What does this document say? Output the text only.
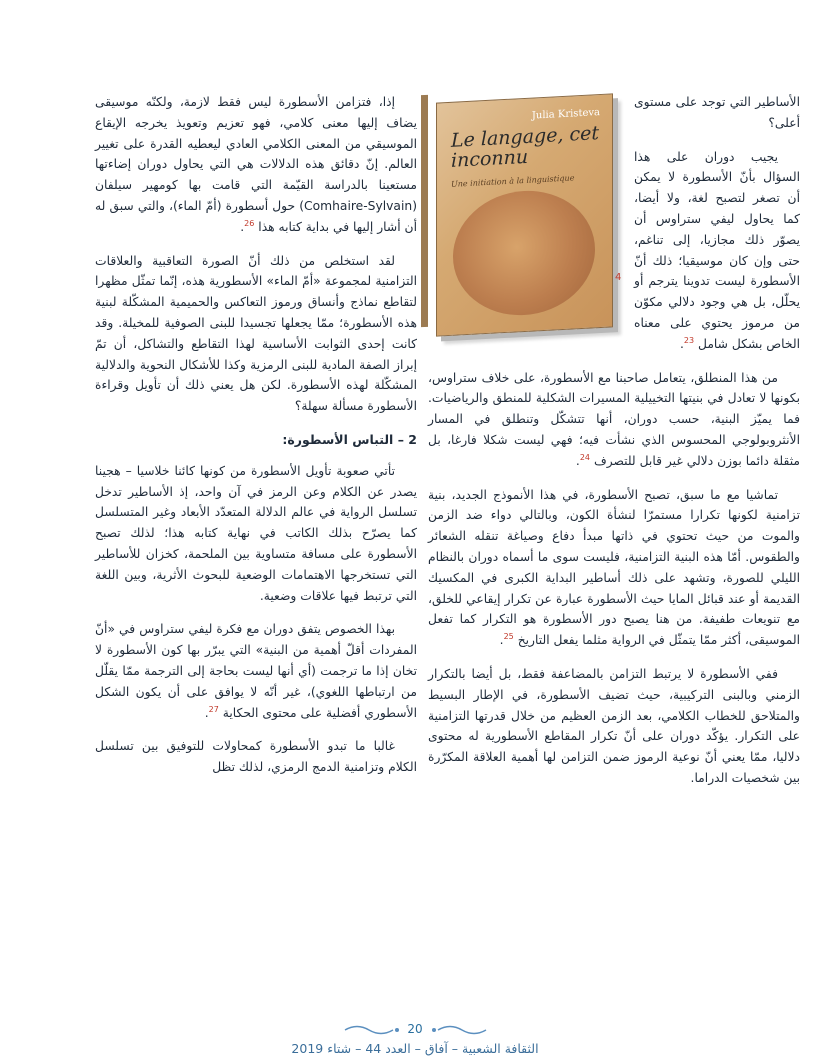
Julia Kristeva
Le langage, cet inconnu
Une initiation à la linguistique
4

الأساطير التي توجد على مستوى أعلى؟

يجيب دوران على هذا السؤال بأنّ الأسطورة لا يمكن أن تصغر لتصبح لغة، ولا أيضا، كما يحاول ليفي ستراوس أن يصوّر ذلك مجازيا، إلى تناغم، حتى وإن كان موسيقيا؛ ذلك أنّ الأسطورة ليست تدوينا يترجم أو يحلّل، بل هي وجود دلالي مكوّن من مرموز يحتوي على معناه الخاص بشكل شامل $^{23}$.

من هذا المنطلق، يتعامل صاحبنا مع الأسطورة، على خلاف ستراوس، بكونها لا تعادل في بنيتها التخييلية المسيرات الشكلية للمنطق والرياضيات. فما يميّز البنية، حسب دوران، أنها تتشكّل وتنطلق في المسار الأنثروبولوجي المحسوس الذي نشأت فيه؛ فهي ليست شكلا فارغا، بل مثقلة دائما بوزن دلالي غير قابل للتصرف $^{24}$.

تماشيا مع ما سبق، تصبح الأسطورة، في هذا الأنموذج الجديد، بنية تزامنية لكونها تكرارا مستمرّا لنشأة الكون، وبالتالي دواء ضد الزمن والموت من حيث تحتوي في ذاتها مبدأ دفاع وصياغة تنقله الشعائر والطقوس. أمّا هذه البنية التزامنية، فليست سوى ما أسماه دوران بالنظام الليلي للصورة، وتشهد على ذلك أساطير البداية الكبرى في المكسيك القديمة أو عند قبائل المايا حيث الأسطورة عبارة عن تكرار إيقاعي للخلق، مع تنويعات طفيفة. من هنا يصبح دور الأسطورة هو التكرار كما تفعل الموسيقى، أكثر ممّا يتمثّل في الرواية مثلما يفعل التاريخ $^{25}$.

ففي الأسطورة لا يرتبط التزامن بالمضاعفة فقط، بل أيضا بالتكرار الزمني وبالبنى التركيبية، حيث تضيف الأسطورة، في الإطار البسيط والمتلاحق للخطاب الكلامي، بعد الزمن العظيم من خلال قدرتها التزامنية على التكرار. يؤكّد دوران على أنّ تكرار المقاطع الأسطورية له محتوى دلاليا، ممّا يعني أنّ نوعية الرموز ضمن التزامن لها أهمية العلاقة المكرّرة بين شخصيات الدراما.

إذا، فتزامن الأسطورة ليس فقط لازمة، ولكنّه موسيقى يضاف إليها معنى كلامي، فهو تعزيم وتعويذ يخرجه الإيقاع الموسيقي من المعنى الكلامي العادي ليعطيه القدرة على تغيير العالم. إنّ دقائق هذه الدلالات هي التي يحاول دوران إضاءتها مستعينا بالدراسة القيّمة التي قامت بها كومهير سيلفان (Comhaire-Sylvain) حول أسطورة (أمّ الماء)، والتي سبق له أن أشار إليها في بداية كتابه هذا $^{26}$.

لقد استخلص من ذلك أنّ الصورة التعاقبية والعلاقات التزامنية لمجموعة «أمّ الماء» الأسطورية هذه، إنّما تمثّل مظهرا لتقاطع نماذج وأنساق ورموز التعاكس والحميمية المشكّلة لبنية هذه الأسطورة؛ ممّا يجعلها تجسيدا للبنى الصوفية للمخيلة. وقد كانت إحدى الثوابت الأساسية لهذا التقاطع والتشاكل، أن تمّ إبراز الصفة المادية للبنى الرمزية وكذا للأشكال النحوية والدلالية المشكّلة لهذه الأسطورة. لكن هل يعني ذلك أن تأويل وقراءة الأسطورة مسألة سهلة؟

2 – التباس الأسطورة:

تأتي صعوبة تأويل الأسطورة من كونها كائنا خلاسيا – هجينا يصدر عن الكلام وعن الرمز في آن واحد، إذ الأساطير تدخل تسلسل الرواية في عالم الدلالة المتعدّد الأبعاد وغير المتسلسل كما يصرّح بذلك الكاتب في نهاية كتابه هذا؛ لذلك تصبح الأسطورة على مسافة متساوية بين الملحمة، كخزان للأساطير التي تستخرجها الاهتمامات الوضعية للبحوث الأثرية، وبين اللغة التي ترتبط فيها علاقات وضعية.

بهذا الخصوص يتفق دوران مع فكرة ليفي ستراوس في «أنّ المفردات أقلّ أهمية من البنية» التي يبرّر بها كون الأسطورة لا تخان إذا ما ترجمت (أي أنها ليست بحاجة إلى الترجمة ممّا يقلّل من ارتباطها اللغوي)، غير أنّه لا يوافق على أن يكون الشكل الأسطوري أفضلية على محتوى الحكاية $^{27}$.

غالبا ما تبدو الأسطورة كمحاولات للتوفيق بين تسلسل الكلام وتزامنية الدمج الرمزي، لذلك تظل

20
الثقافة الشعبية – آفاق – العدد 44 – شتاء 2019
